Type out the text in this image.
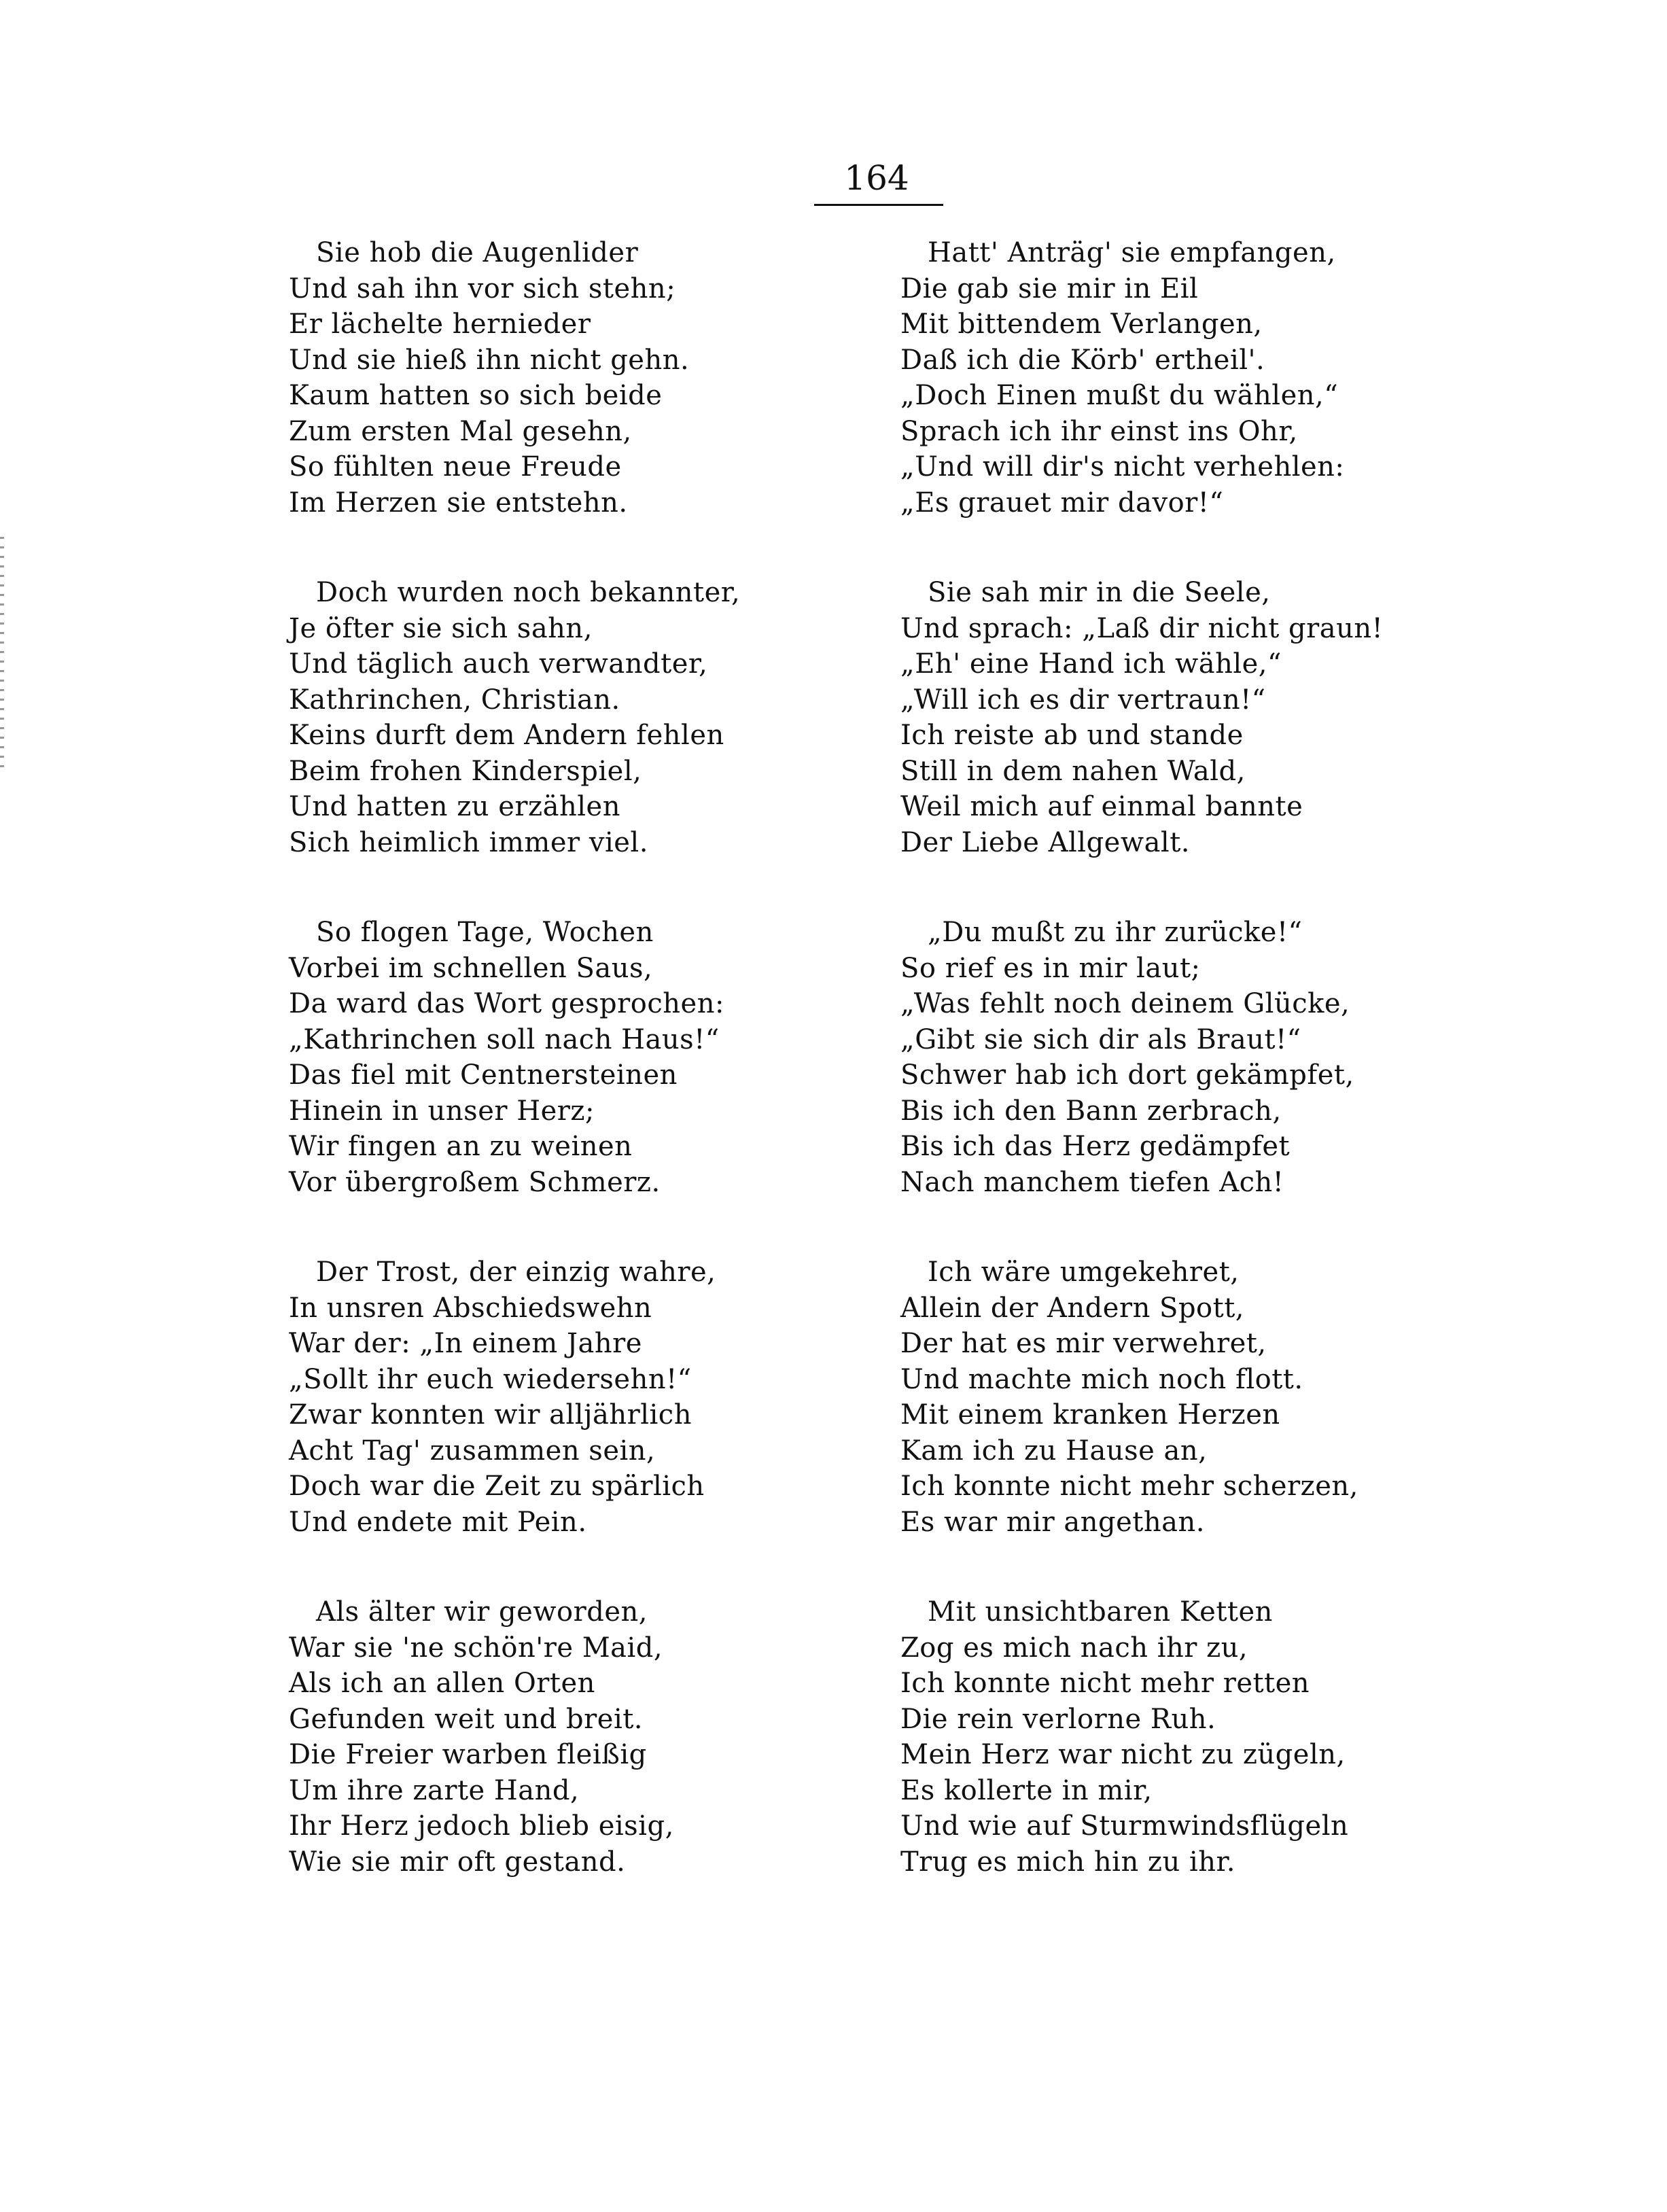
164
Sie hob die Augenlider
Und sah ihn vor sich stehn;
Er lächelte hernieder
Und sie hieß ihn nicht gehn.
Kaum hatten so sich beide
Zum ersten Mal gesehn,
So fühlten neue Freude
Im Herzen sie entstehn.
Doch wurden noch bekannter,
Je öfter sie sich sahn,
Und täglich auch verwandter,
Kathrinchen, Christian.
Keins durft dem Andern fehlen
Beim frohen Kinderspiel,
Und hatten zu erzählen
Sich heimlich immer viel.
So flogen Tage, Wochen
Vorbei im schnellen Saus,
Da ward das Wort gesprochen:
„Kathrinchen soll nach Haus!“
Das fiel mit Centnersteinen
Hinein in unser Herz;
Wir fingen an zu weinen
Vor übergroßem Schmerz.
Der Trost, der einzig wahre,
In unsren Abschiedswehn
War der: „In einem Jahre
„Sollt ihr euch wiedersehn!“
Zwar konnten wir alljährlich
Acht Tag' zusammen sein,
Doch war die Zeit zu spärlich
Und endete mit Pein.
Als älter wir geworden,
War sie 'ne schön're Maid,
Als ich an allen Orten
Gefunden weit und breit.
Die Freier warben fleißig
Um ihre zarte Hand,
Ihr Herz jedoch blieb eisig,
Wie sie mir oft gestand.
Hatt' Anträg' sie empfangen,
Die gab sie mir in Eil
Mit bittendem Verlangen,
Daß ich die Körb' ertheil'.
„Doch Einen mußt du wählen,“
Sprach ich ihr einst ins Ohr,
„Und will dir's nicht verhehlen:
„Es grauet mir davor!“
Sie sah mir in die Seele,
Und sprach: „Laß dir nicht graun!
„Eh' eine Hand ich wähle,“
„Will ich es dir vertraun!“
Ich reiste ab und stande
Still in dem nahen Wald,
Weil mich auf einmal bannte
Der Liebe Allgewalt.
„Du mußt zu ihr zurücke!“
So rief es in mir laut;
„Was fehlt noch deinem Glücke,
„Gibt sie sich dir als Braut!“
Schwer hab ich dort gekämpfet,
Bis ich den Bann zerbrach,
Bis ich das Herz gedämpfet
Nach manchem tiefen Ach!
Ich wäre umgekehret,
Allein der Andern Spott,
Der hat es mir verwehret,
Und machte mich noch flott.
Mit einem kranken Herzen
Kam ich zu Hause an,
Ich konnte nicht mehr scherzen,
Es war mir angethan.
Mit unsichtbaren Ketten
Zog es mich nach ihr zu,
Ich konnte nicht mehr retten
Die rein verlorne Ruh.
Mein Herz war nicht zu zügeln,
Es kollerte in mir,
Und wie auf Sturmwindsflügeln
Trug es mich hin zu ihr.
